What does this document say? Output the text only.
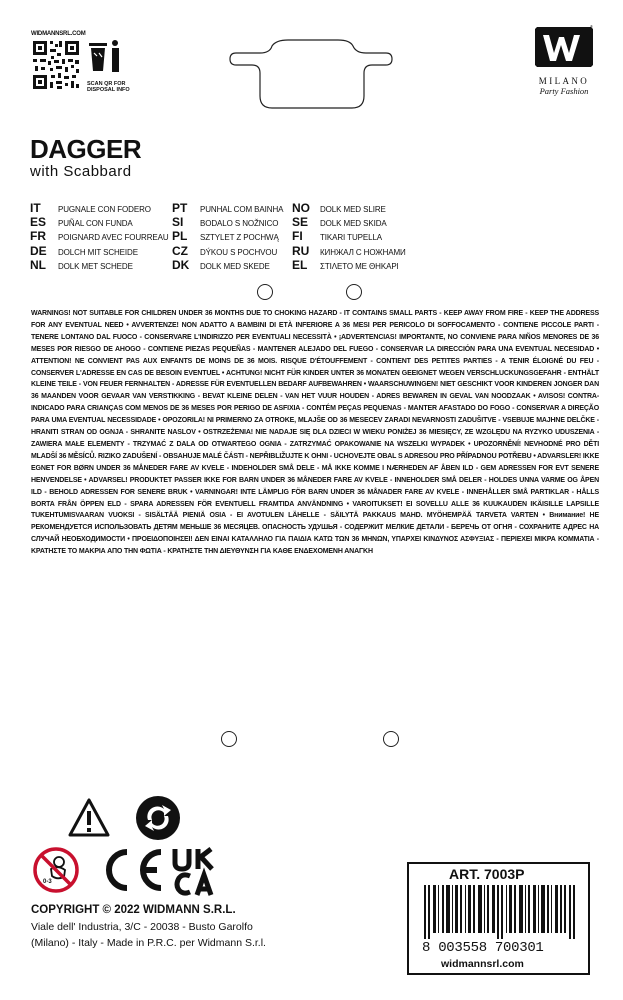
WIDMANNSRL.COM
SCAN QR FOR
DISPOSAL INFO
®
MILANO
Party Fashion
DAGGER
with Scabbard
IT PUGNALE CON FODERO
ES PUÑAL CON FUNDA
FR POIGNARD AVEC FOURREAU
DE DOLCH MIT SCHEIDE
NL DOLK MET SCHEDE
PT PUNHAL COM BAINHA
SI BODALO S NOŽNICO
PL SZTYLET Z POCHWĄ
CZ DÝKOU S POCHVOU
DK DOLK MED SKEDE
NO DOLK MED SLIRE
SE DOLK MED SKIDA
FI TIKARI TUPELLA
RU КИНЖАЛ С НОЖНАМИ
EL ΣΤΙΛΕΤΟ ΜΕ ΘΗΚΑΡΙ
WARNINGS! NOT SUITABLE FOR CHILDREN UNDER 36 MONTHS DUE TO CHOKING HAZARD - IT CONTAINS SMALL PARTS - KEEP AWAY FROM FIRE - KEEP THE ADDRESS FOR ANY EVENTUAL NEED • AVVERTENZE! NON ADATTO A BAMBINI DI ETÀ INFERIORE A 36 MESI PER PERICOLO DI SOFFOCAMENTO - CONTIENE PICCOLE PARTI - TENERE LONTANO DAL FUOCO - CONSERVARE L'INDIRIZZO PER EVENTUALI NECESSITÀ • ¡ADVERTENCIAS! IMPORTANTE, NO CONVIENE PARA NIÑOS MENORES DE 36 MESES POR RIESGO DE AHOGO - CONTIENE PIEZAS PEQUEÑAS - MANTENER ALEJADO DEL FUEGO - CONSERVAR LA DIRECCIÓN PARA UNA EVENTUAL NECESIDAD • ATTENTION! NE CONVIENT PAS AUX ENFANTS DE MOINS DE 36 MOIS. RISQUE D'ÉTOUFFEMENT - CONTIENT DES PETITES PARTIES - A TENIR ÉLOIGNÉ DU FEU - CONSERVER L'ADRESSE EN CAS DE BESOIN EVENTUEL • ACHTUNG! NICHT FÜR KINDER UNTER 36 MONATEN GEEIGNET WEGEN VERSCHLUCKUNGSGEFAHR - ENTHÄLT KLEINE TEILE - VON FEUER FERNHALTEN - ADRESSE FÜR EVENTUELLEN BEDARF AUFBEWAHREN • WAARSCHUWINGEN! NIET GESCHIKT VOOR KINDEREN JONGER DAN 36 MAANDEN VOOR GEVAAR VAN VERSTIKKING - BEVAT KLEINE DELEN - VAN HET VUUR HOUDEN - ADRES BEWAREN IN GEVAL VAN NOODZAAK • AVISOS! CONTRA-INDICADO PARA CRIANÇAS COM MENOS DE 36 MESES POR PERIGO DE ASFIXIA - CONTÉM PEÇAS PEQUENAS - MANTER AFASTADO DO FOGO - CONSERVAR A DIREÇÃO PARA UMA EVENTUAL NECESSIDADE • OPOZORILA! NI PRIMERNO ZA OTROKE, MLAJŠE OD 36 MESECEV ZARADI NEVARNOSTI ZADUŠITVE - VSEBUJE MAJHNE DELČKE - HRANITI STRAN OD OGNJA - SHRANITE NASLOV • OSTRZEŻENIA! NIE NADAJE SIĘ DLA DZIECI W WIEKU PONIŻEJ 36 MIESIĘCY, ZE WZGLĘDU NA RYZYKO UDUSZENIA - ZAWIERA MAŁE ELEMENTY - TRZYMAĆ Z DALA OD OTWARTEGO OGNIA - ZATRZYMAĆ OPAKOWANIE NA WSZELKI WYPADEK • UPOZORNĚNÍ! NEVHODNÉ PRO DĚTI MLADŠÍ 36 MĚSÍCŮ. RIZIKO ZADUŠENÍ - OBSAHUJE MALÉ ČÁSTI - NEPŘIBLIŽUJTE K OHNI - UCHOVEJTE OBAL S ADRESOU PRO PŘÍPADNOU POTŘEBU • ADVARSLER! IKKE EGNET FOR BØRN UNDER 36 MÅNEDER FARE AV KVELE - INDEHOLDER SMÅ DELE - MÅ IKKE KOMME I NÆRHEDEN AF ÅBEN ILD - GEM ADRESSEN FOR EVT SENERE HENVENDELSE • ADVARSEL! PRODUKTET PASSER IKKE FOR BARN UNDER 36 MÅNEDER FARE AV KVELE - INNEHOLDER SMÅ DELER - HOLDES UNNA VARME OG ÅPEN ILD - BEHOLD ADRESSEN FOR SENERE BRUK • VARNINGAR! INTE LÄMPLIG FÖR BARN UNDER 36 MÅNADER FARE AV KVELE - INNEHÅLLER SMÅ PARTIKLAR - HÅLLS BORTA FRÅN ÖPPEN ELD - SPARA ADRESSEN FÖR EVENTUELL FRAMTIDA ANVÄNDNING • VAROITUKSET! EI SOVELLU ALLE 36 KUUKAUDEN IKÄISILLE LAPSILLE TUKEHTUMISVAARAN VUOKSI - SISÄLTÄÄ PIENIÄ OSIA - EI AVOTULEN LÄHELLE - SÄILYTÄ PAKKAUS MAHD. MYÖHEMPÄÄ TARVETA VARTEN • Внимание! НЕ РЕКОМЕНДУЕТСЯ ИСПОЛЬЗОВАТЬ ДЕТЯМ МЕНЬШЕ 36 МЕСЯЦЕВ. ОПАСНОСТЬ УДУШЬЯ - СОДЕРЖИТ МЕЛКИЕ ДЕТАЛИ - БЕРЕЧЬ ОТ ОГНЯ - СОХРАНИТЕ АДРЕС НА СЛУЧАЙ НЕОБХОДИМОСТИ • ΠΡΟΕΙΔΟΠΟΙΗΣΕΙ! ΔΕΝ ΕΙΝΑΙ ΚΑΤΑΛΛΗΛΟ ΓΙΑ ΠΑΙΔΙΑ ΚΑΤΩ ΤΩΝ 36 ΜΗΝΩΝ, ΥΠΑΡΧΕΙ ΚΙΝΔΥΝΟΣ ΑΣΦΥΞΙΑΣ - ΠΕΡΙΕΧΕΙ ΜΙΚΡΑ ΚΟΜΜΑΤΙΑ - ΚΡΑΤΗΣΤΕ ΤΟ ΜΑΚΡΙΑ ΑΠΟ ΤΗΝ ΦΩΤΙΑ - ΚΡΑΤΗΣΤΕ ΤΗΝ ΔΙΕΥΘΥΝΣΗ ΓΙΑ ΚΑΘΕ ΕΝΔΕΧΟΜΕΝΗ ΑΝΑΓΚΗ
0-3
COPYRIGHT © 2022 WIDMANN S.R.L.
Viale dell' Industria, 3/C - 20038 - Busto Garolfo
(Milano) - Italy - Made in P.R.C. per Widmann S.r.l.
ART. 7003P
8 003558 700301
widmannsrl.com
